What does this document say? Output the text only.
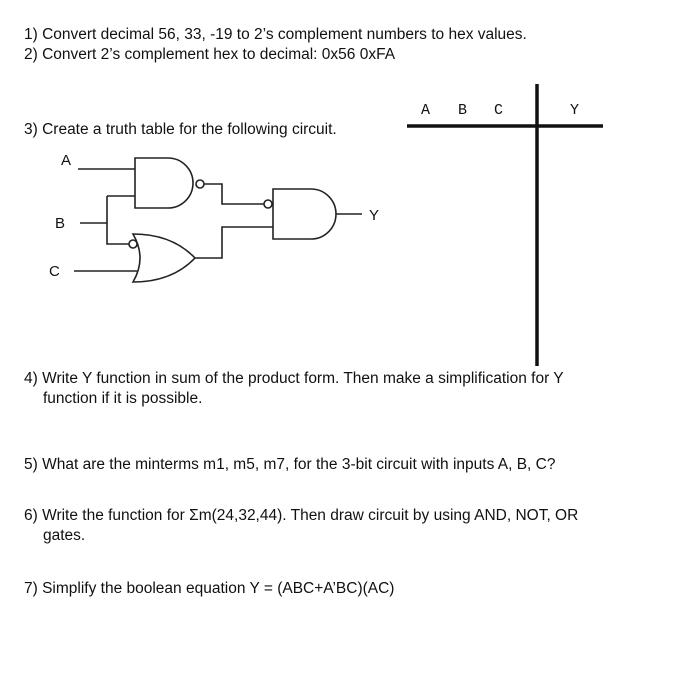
1) Convert decimal 56, 33, -19 to 2’s complement numbers to hex values.
2) Convert 2’s complement hex to decimal: 0x56 0xFA
3) Create a truth table for the following circuit.
4) Write Y function in sum of the product form. Then make a simplification for Y
function if it is possible.
5) What are the minterms m1, m5, m7, for the 3-bit circuit with inputs A, B, C?
6) Write the function for Σm(24,32,44). Then draw circuit by using AND, NOT, OR
gates.
7) Simplify the boolean equation Y = (ABC+A’BC)(AC)
A B C	Y
A
B
C
Y
